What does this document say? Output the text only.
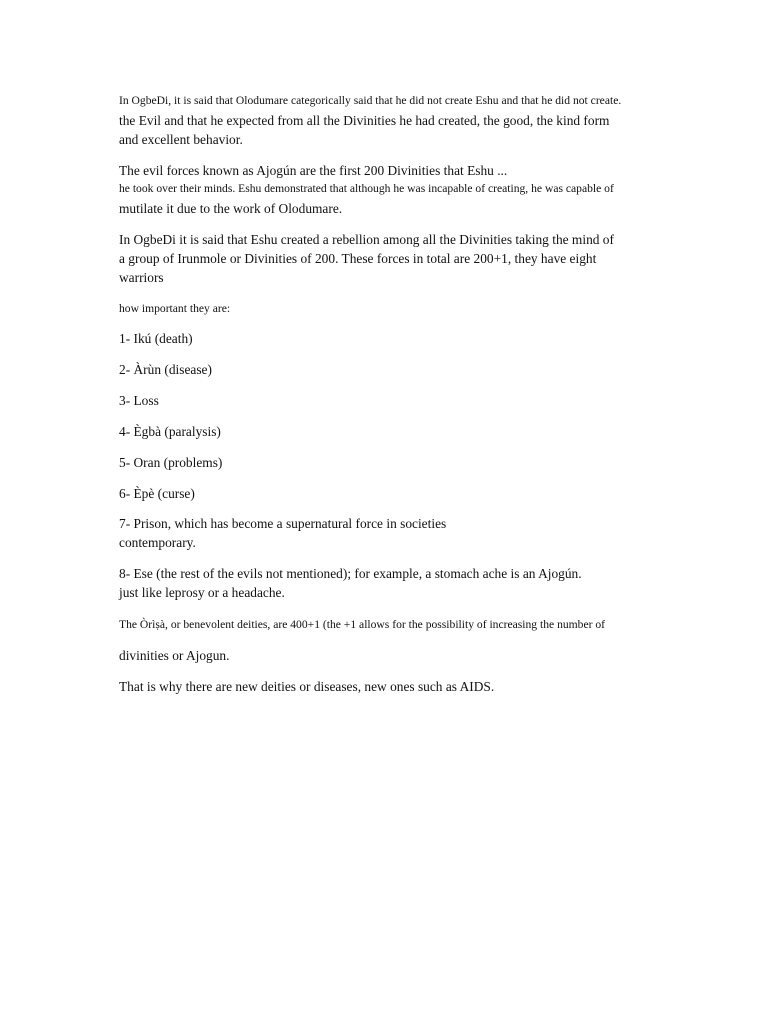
In OgbeDi, it is said that Olodumare categorically said that he did not create Eshu and that he did not create.
the Evil and that he expected from all the Divinities he had created, the good, the kind form
and excellent behavior.
The evil forces known as Ajogún are the first 200 Divinities that Eshu ...
he took over their minds. Eshu demonstrated that although he was incapable of creating, he was capable of
mutilate it due to the work of Olodumare.
In OgbeDi it is said that Eshu created a rebellion among all the Divinities taking the mind of
a group of Irunmole or Divinities of 200. These forces in total are 200+1, they have eight
warriors
how important they are:
1- Ikú (death)
2- Àrùn (disease)
3- Loss
4- Ègbà (paralysis)
5- Oran (problems)
6- Èpè (curse)
7- Prison, which has become a supernatural force in societies
contemporary.
8- Ese (the rest of the evils not mentioned); for example, a stomach ache is an Ajogún.
just like leprosy or a headache.
The Òrìṣà, or benevolent deities, are 400+1 (the +1 allows for the possibility of increasing the number of
divinities or Ajogun.
That is why there are new deities or diseases, new ones such as AIDS.
